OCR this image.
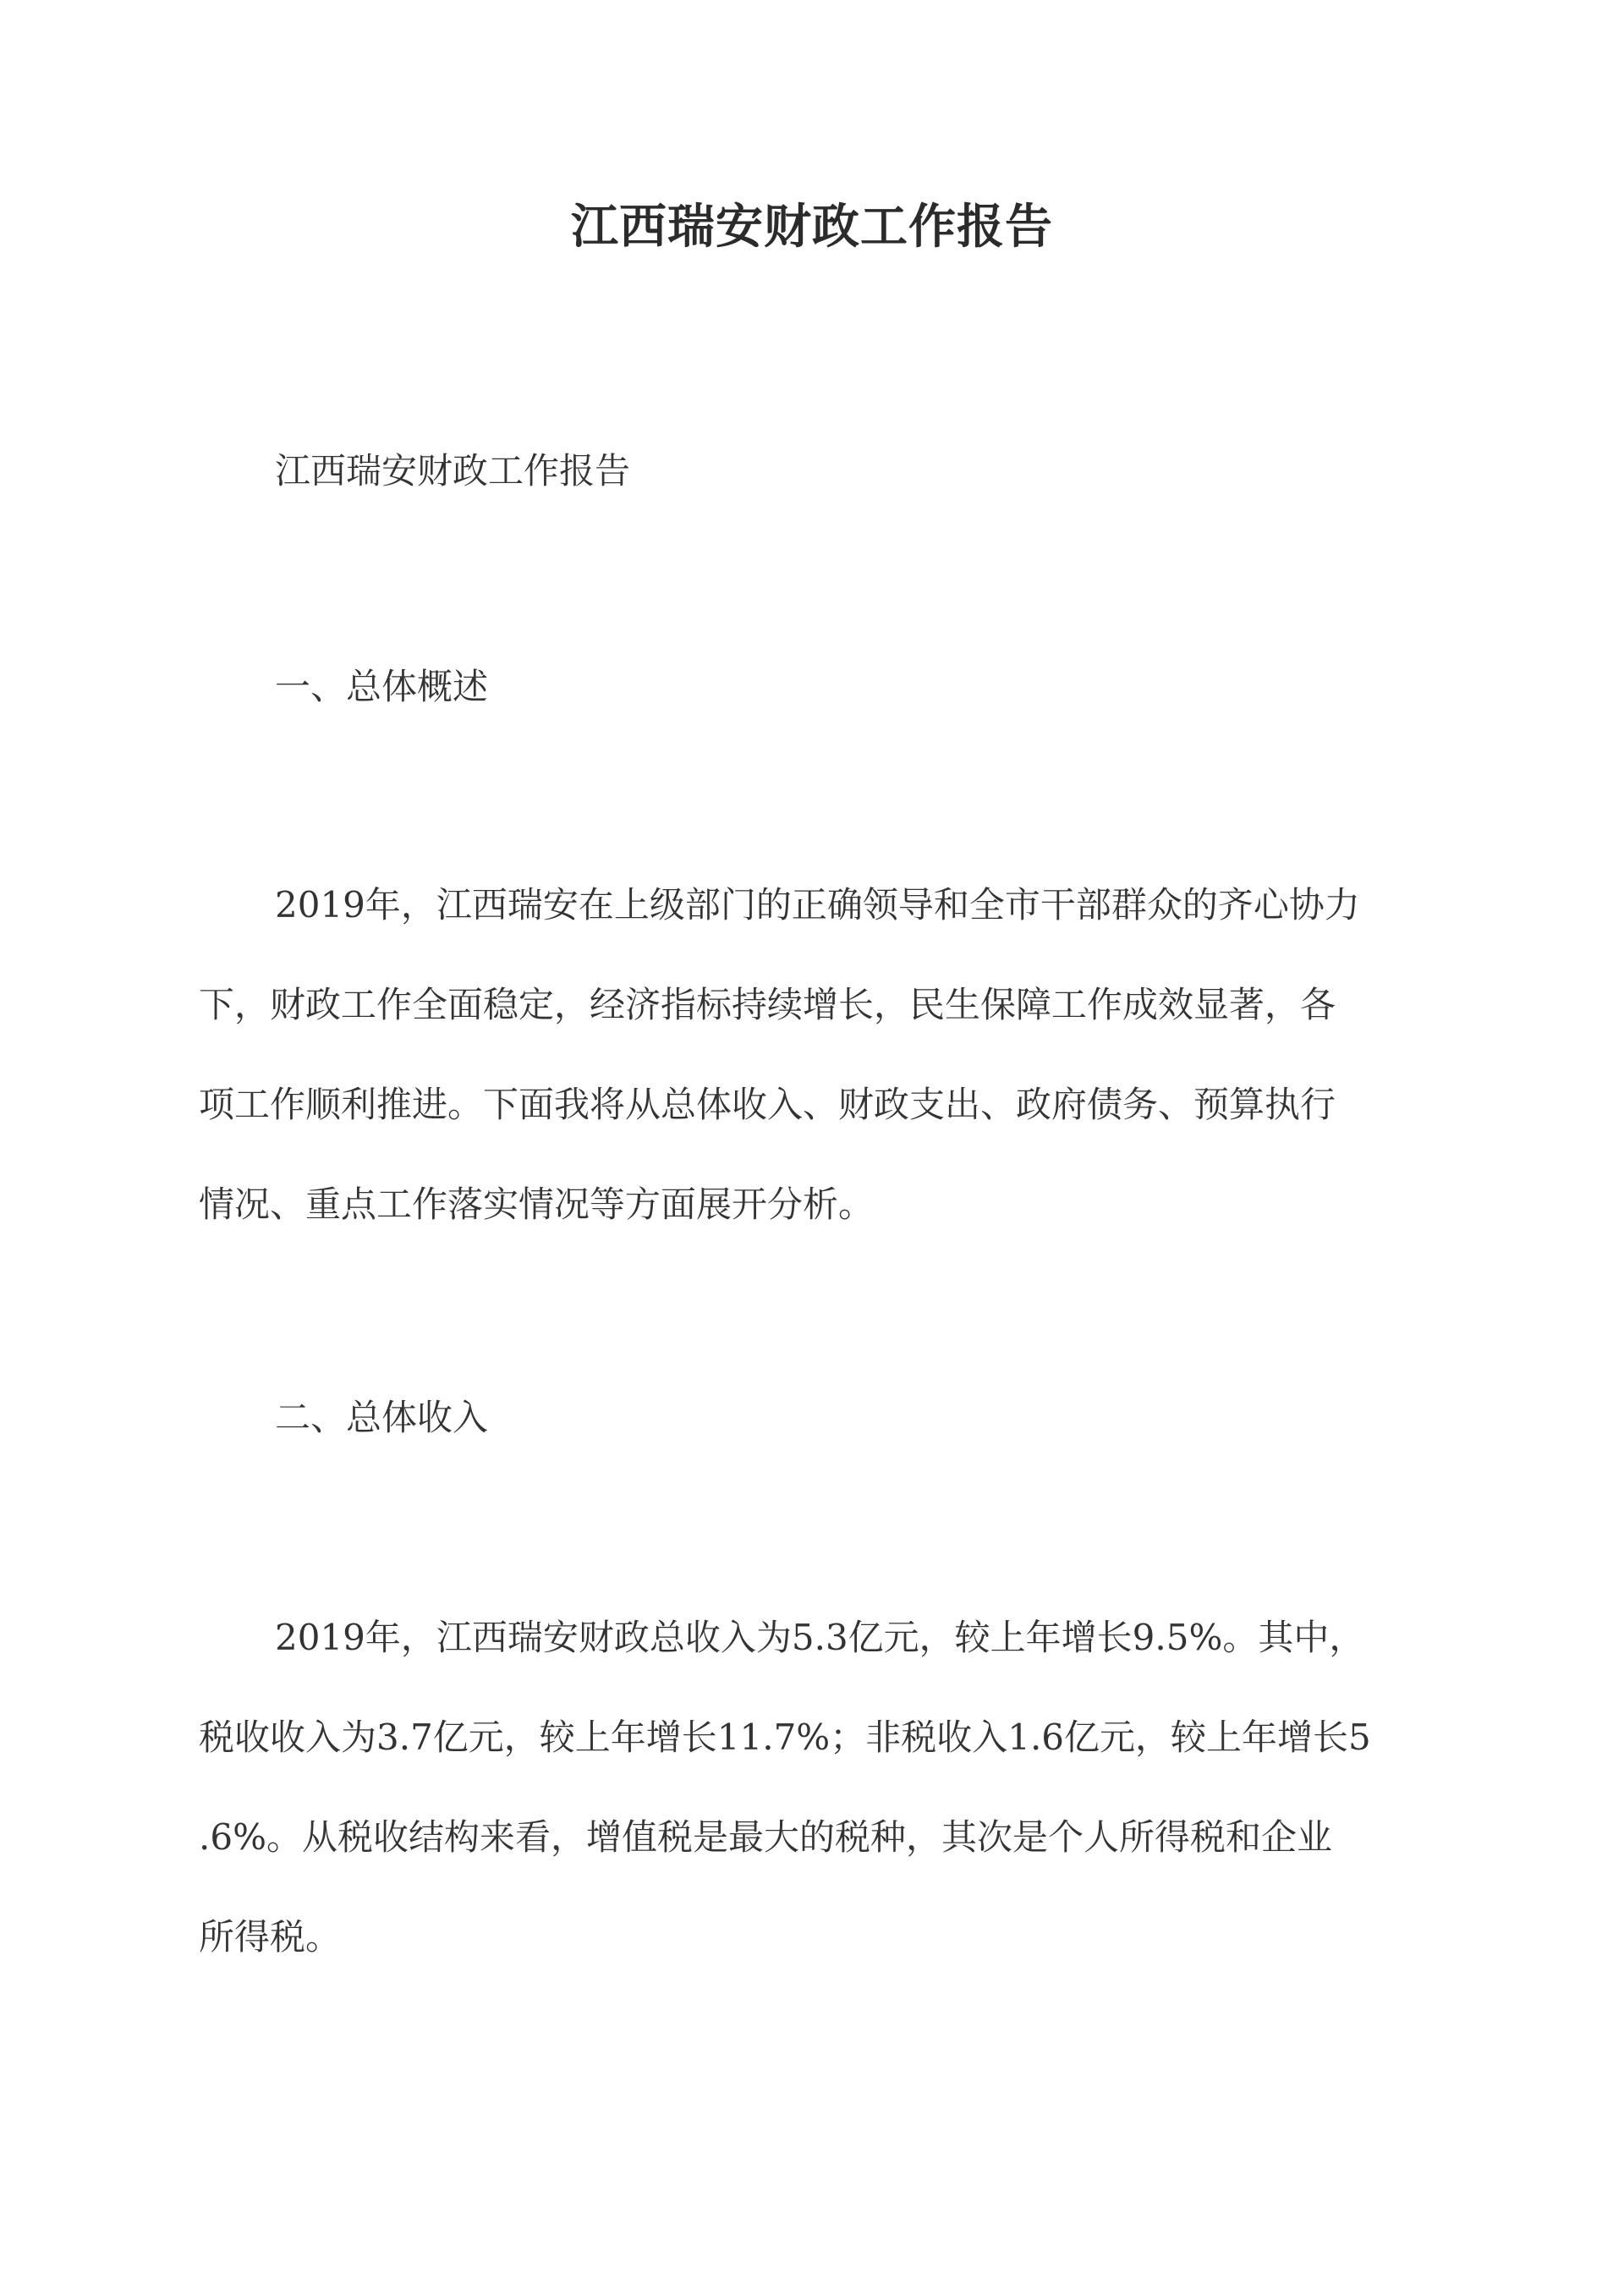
江西瑞安财政工作报告
江西瑞安财政工作报告
一、总体概述
2019年，江西瑞安在上级部门的正确领导和全市干部群众的齐心协力
下，财政工作全面稳定，经济指标持续增长，民生保障工作成效显著，各
项工作顺利推进。下面我将从总体收入、财政支出、政府债务、预算执行
情况、重点工作落实情况等方面展开分析。
二、总体收入
2019年，江西瑞安财政总收入为5.3亿元，较上年增长9.5%。其中，
税收收入为3.7亿元，较上年增长11.7%；非税收入1.6亿元，较上年增长5
.6%。从税收结构来看，增值税是最大的税种，其次是个人所得税和企业
所得税。
